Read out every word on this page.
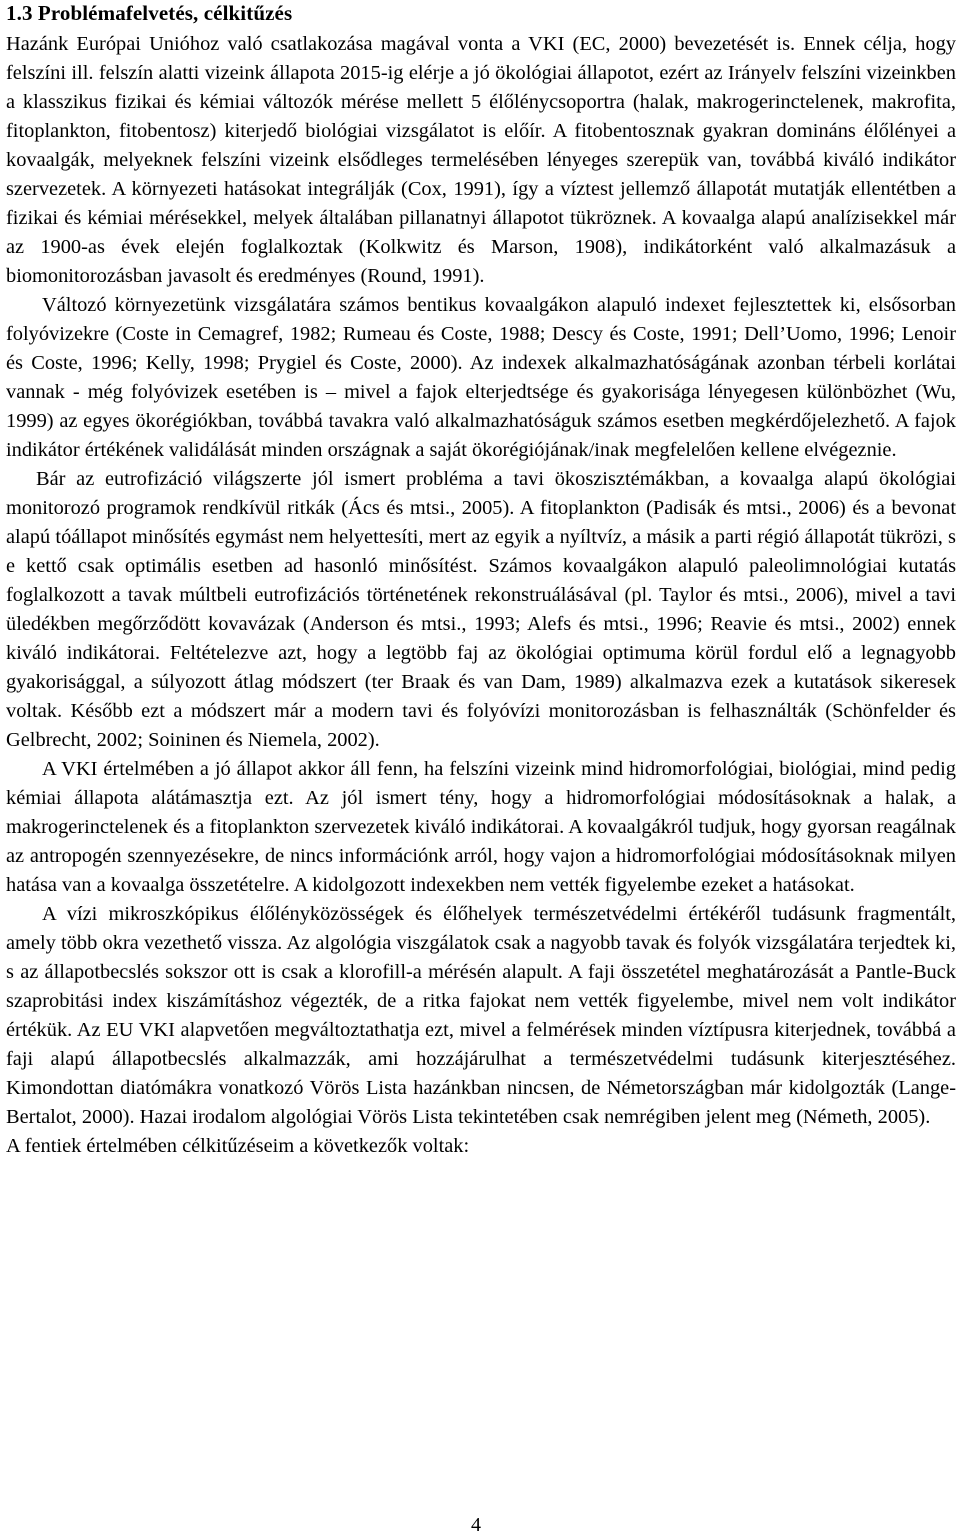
1.3 Problémafelvetés, célkitűzés

Hazánk Európai Unióhoz való csatlakozása magával vonta a VKI (EC, 2000) bevezetését is. Ennek célja, hogy felszíni ill. felszín alatti vizeink állapota 2015-ig elérje a jó ökológiai állapotot, ezért az Irányelv felszíni vizeinkben a klasszikus fizikai és kémiai változók mérése mellett 5 élőlénycsoportra (halak, makrogerinctelenek, makrofita, fitoplankton, fitobentosz) kiterjedő biológiai vizsgálatot is előír. A fitobentosznak gyakran domináns élőlényei a kovaalgák, melyeknek felszíni vizeink elsődleges termelésében lényeges szerepük van, továbbá kiváló indikátor szervezetek. A környezeti hatásokat integrálják (Cox, 1991), így a víztest jellemző állapotát mutatják ellentétben a fizikai és kémiai mérésekkel, melyek általában pillanatnyi állapotot tükröznek. A kovaalga alapú analízisekkel már az 1900-as évek elején foglalkoztak (Kolkwitz és Marson, 1908), indikátorként való alkalmazásuk a biomonitorozásban javasolt és eredményes (Round, 1991).

Változó környezetünk vizsgálatára számos bentikus kovaalgákon alapuló indexet fejlesztettek ki, elsősorban folyóvizekre (Coste in Cemagref, 1982; Rumeau és Coste, 1988; Descy és Coste, 1991; Dell’Uomo, 1996; Lenoir és Coste, 1996; Kelly, 1998; Prygiel és Coste, 2000). Az indexek alkalmazhatóságának azonban térbeli korlátai vannak - még folyóvizek esetében is – mivel a fajok elterjedtsége és gyakorisága lényegesen különbözhet (Wu, 1999) az egyes ökorégiókban, továbbá tavakra való alkalmazhatóságuk számos esetben megkérdőjelezhető. A fajok indikátor értékének validálását minden országnak a saját ökorégiójának/inak megfelelően kellene elvégeznie.

Bár az eutrofizáció világszerte jól ismert probléma a tavi ökoszisztémákban, a kovaalga alapú ökológiai monitorozó programok rendkívül ritkák (Ács és mtsi., 2005). A fitoplankton (Padisák és mtsi., 2006) és a bevonat alapú tóállapot minősítés egymást nem helyettesíti, mert az egyik a nyíltvíz, a másik a parti régió állapotát tükrözi, s e kettő csak optimális esetben ad hasonló minősítést. Számos kovaalgákon alapuló paleolimnológiai kutatás foglalkozott a tavak múltbeli eutrofizációs történetének rekonstruálásával (pl. Taylor és mtsi., 2006), mivel a tavi üledékben megőrződött kovavázak (Anderson és mtsi., 1993; Alefs és mtsi., 1996; Reavie és mtsi., 2002) ennek kiváló indikátorai. Feltételezve azt, hogy a legtöbb faj az ökológiai optimuma körül fordul elő a legnagyobb gyakorisággal, a súlyozott átlag módszert (ter Braak és van Dam, 1989) alkalmazva ezek a kutatások sikeresek voltak. Később ezt a módszert már a modern tavi és folyóvízi monitorozásban is felhasználták (Schönfelder és Gelbrecht, 2002; Soininen és Niemela, 2002).

A VKI értelmében a jó állapot akkor áll fenn, ha felszíni vizeink mind hidromorfológiai, biológiai, mind pedig kémiai állapota alátámasztja ezt. Az jól ismert tény, hogy a hidromorfológiai módosításoknak a halak, a makrogerinctelenek és a fitoplankton szervezetek kiváló indikátorai. A kovaalgákról tudjuk, hogy gyorsan reagálnak az antropogén szennyezésekre, de nincs információnk arról, hogy vajon a hidromorfológiai módosításoknak milyen hatása van a kovaalga összetételre. A kidolgozott indexekben nem vették figyelembe ezeket a hatásokat.

A vízi mikroszkópikus élőlényközösségek és élőhelyek természetvédelmi értékéről tudásunk fragmentált, amely több okra vezethető vissza. Az algológia viszgálatok csak a nagyobb tavak és folyók vizsgálatára terjedtek ki, s az állapotbecslés sokszor ott is csak a klorofill-a mérésén alapult. A faji összetétel meghatározását a Pantle-Buck szaprobitási index kiszámításhoz végezték, de a ritka fajokat nem vették figyelembe, mivel nem volt indikátor értékük. Az EU VKI alapvetően megváltoztathatja ezt, mivel a felmérések minden víztípusra kiterjednek, továbbá a faji alapú állapotbecslés alkalmazzák, ami hozzájárulhat a természetvédelmi tudásunk kiterjesztéséhez. Kimondottan diatómákra vonatkozó Vörös Lista hazánkban nincsen, de Németországban már kidolgozták (Lange-Bertalot, 2000). Hazai irodalom algológiai Vörös Lista tekintetében csak nemrégiben jelent meg (Németh, 2005).

A fentiek értelmében célkitűzéseim a következők voltak:

4
